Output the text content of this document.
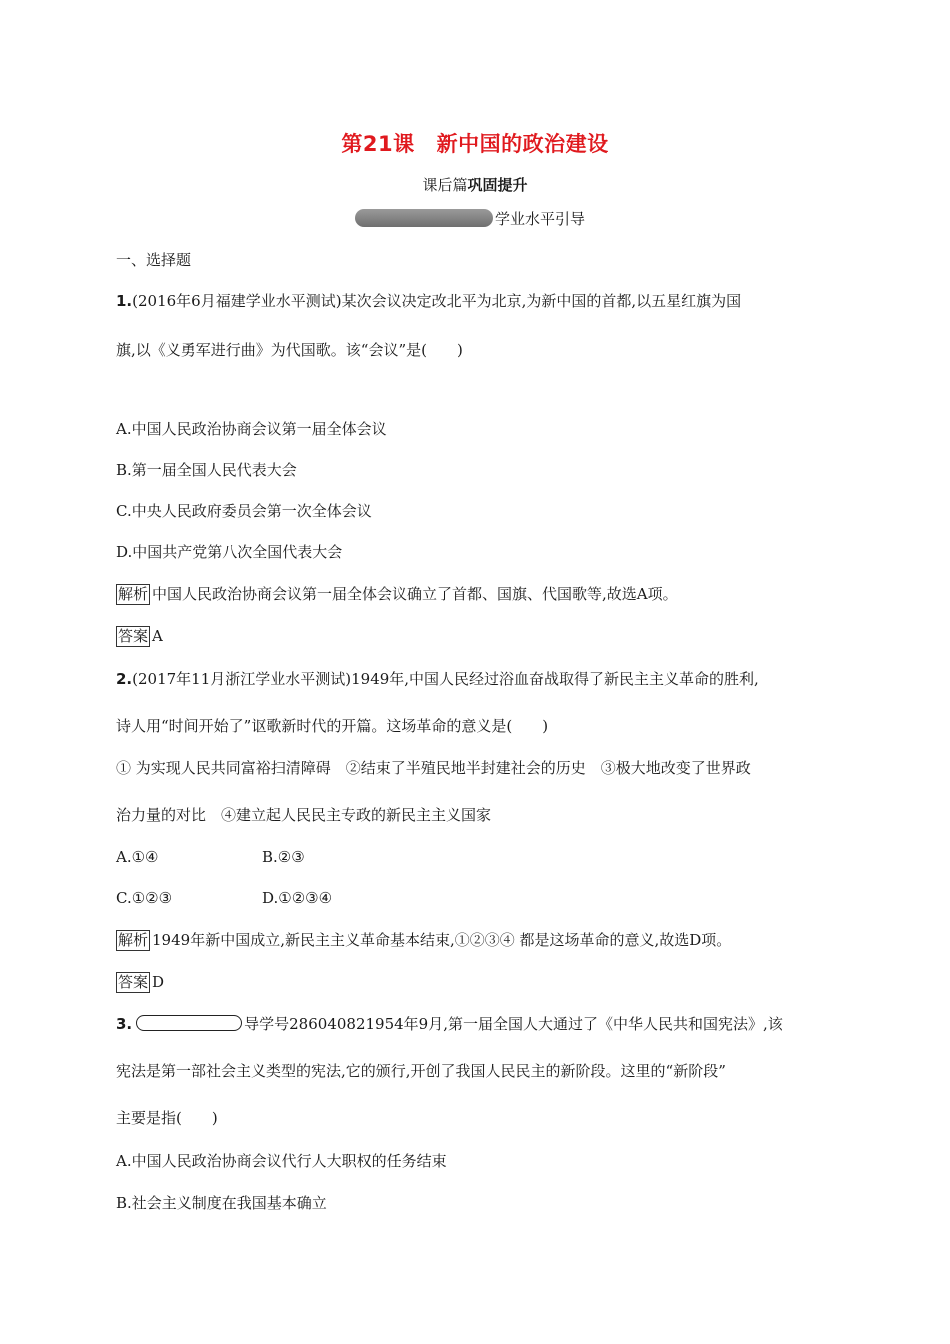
第21课 新中国的政治建设
课后篇巩固提升
学业水平引导
一、选择题
1.(2016年6月福建学业水平测试)某次会议决定改北平为北京,为新中国的首都,以五星红旗为国
旗,以《义勇军进行曲》为代国歌。该“会议”是(　　)
A.中国人民政治协商会议第一届全体会议
B.第一届全国人民代表大会
C.中央人民政府委员会第一次全体会议
D.中国共产党第八次全国代表大会
解析 中国人民政治协商会议第一届全体会议确立了首都、国旗、代国歌等,故选A项。
答案 A
2.(2017年11月浙江学业水平测试)1949年,中国人民经过浴血奋战取得了新民主主义革命的胜利,
诗人用“时间开始了”讴歌新时代的开篇。这场革命的意义是(　　)
① 为实现人民共同富裕扫清障碍　②结束了半殖民地半封建社会的历史　③极大地改变了世界政
治力量的对比　④建立起人民民主专政的新民主主义国家
A.①④	B.②③
C.①②③	D.①②③④
解析 1949年新中国成立,新民主主义革命基本结束,①②③④ 都是这场革命的意义,故选D项。
答案 D
3.	导学号286040821954年9月,第一届全国人大通过了《中华人民共和国宪法》,该
宪法是第一部社会主义类型的宪法,它的颁行,开创了我国人民民主的新阶段。这里的“新阶段”
主要是指(　　)
A.中国人民政治协商会议代行人大职权的任务结束
B.社会主义制度在我国基本确立
